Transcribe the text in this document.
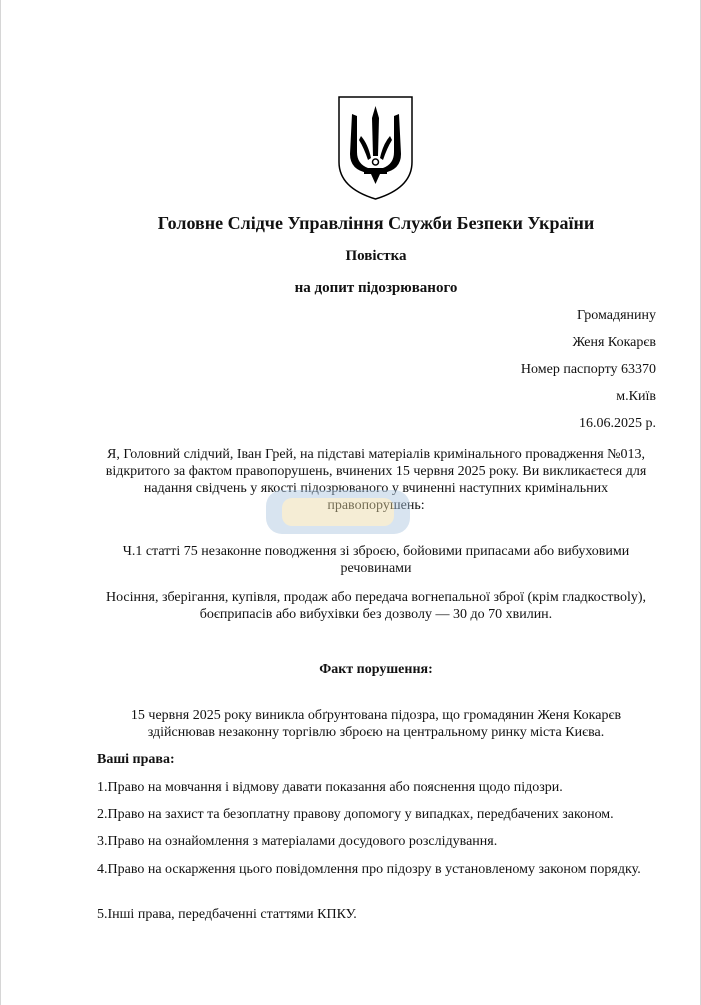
Головне Слідче Управління Служби Безпеки України
Повістка
на допит підозрюваного
Громадянину
Женя Кокарєв
Номер паспорту 63370
м.Київ
16.06.2025 р.
Я, Головний слідчий, Іван Грей, на підставі матеріалів кримінального провадження №013, відкритого за фактом правопорушень, вчинених 15 червня 2025 року. Ви викликаєтеся для надання свідчень у якості підозрюваного у вчиненні наступних кримінальних правопорушень:
Ч.1 статті 75 незаконне поводження зі зброєю, бойовими припасами або вибуховими речовинами
Носіння, зберігання, купівля, продаж або передача вогнепальної зброї (крім гладкоствolу), боєприпасів або вибухівки без дозволу — 30 до 70 хвилин.
Факт порушення:
15 червня 2025 року виникла обґрунтована підозра, що громадянин Женя Кокарєв здійснював незаконну торгівлю зброєю на центральному ринку міста Києва.
Ваші права:
1.Право на мовчання і відмову давати показання або пояснення щодо підозри.
2.Право на захист та безоплатну правову допомогу у випадках, передбачених законом.
3.Право на ознайомлення з матеріалами досудового розслідування.
4.Право на оскарження цього повідомлення про підозру в установленому законом порядку.
5.Інші права, передбаченні статтями КПКУ.
